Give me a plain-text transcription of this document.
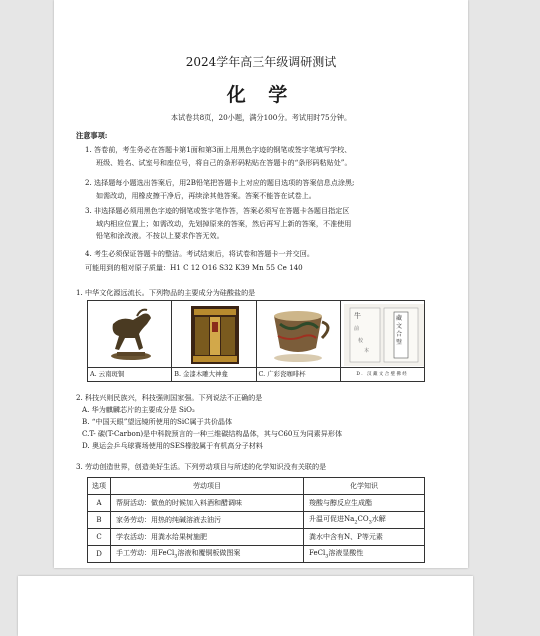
2024学年高三年级调研测试
化 学
本试卷共8页，20小题，满分100分。考试用时75分钟。
注意事项:
1. 答卷前，考生务必在答题卡第1面和第3面上用黑色字迹的钢笔或签字笔填写学校、
班级、姓名、试室号和座位号，将自己的条形码粘贴在答题卡的“条形码粘贴处”。
2. 选择题每小题选出答案后，用2B铅笔把答题卡上对应的题目选项的答案信息点涂黑;
如需改动，用橡皮擦干净后，再续涂其他答案。答案不能答在试卷上。
3. 非选择题必须用黑色字迹的钢笔或签字笔作答，答案必须写在答题卡各题目指定区
域内相应位置上；如需改动，先划掉原来的答案，然后再写上新的答案，不准使用
铅笔和涂改液。不按以上要求作答无效。
4. 考生必须保证答题卡的整洁。考试结束后，将试卷和答题卡一并交回。
可能用到的相对原子质量：H1 C 12 O16 S32 K39 Mn 55 Ce 140
1. 中华文化源远流长。下列物品的主要成分为硅酸盐的是
A. 云南斑铜	B. 金漆木雕大神龛	C. 广彩瓷咖啡杯
牛
前
校
本
藏
文
合
璧
D. 汉藏文合璧佛经
2. 科技兴则民族兴，科技强则国家强。下列说法不正确的是
A. 华为麒麟芯片的主要成分是 SiO₂
B. “中国天眼”望远镜所使用的SiC属于共价晶体
C.T- 碳(T-Carbon)是中科院预言的一种三维碳结构晶体，其与C60互为同素异形体
D. 奥运会乒乓球赛场使用的SES橡胶属于有机高分子材料
3. 劳动创造世界，创造美好生活。下列劳动项目与所述的化学知识没有关联的是
选项	劳动项目	化学知识
A	帮厨活动：做鱼的时候加入料酒和醋调味	羧酸与醇反应生成酯
B	家务劳动：用热的纯碱溶液去油污	升温可促进$Na_2CO_3$水解
C	学农活动：用粪水给果树施肥	粪水中含有N、P等元素
D	手工劳动：用FeCl$_3$溶液和覆铜板做图案	FeCl$_3$溶液显酸性
